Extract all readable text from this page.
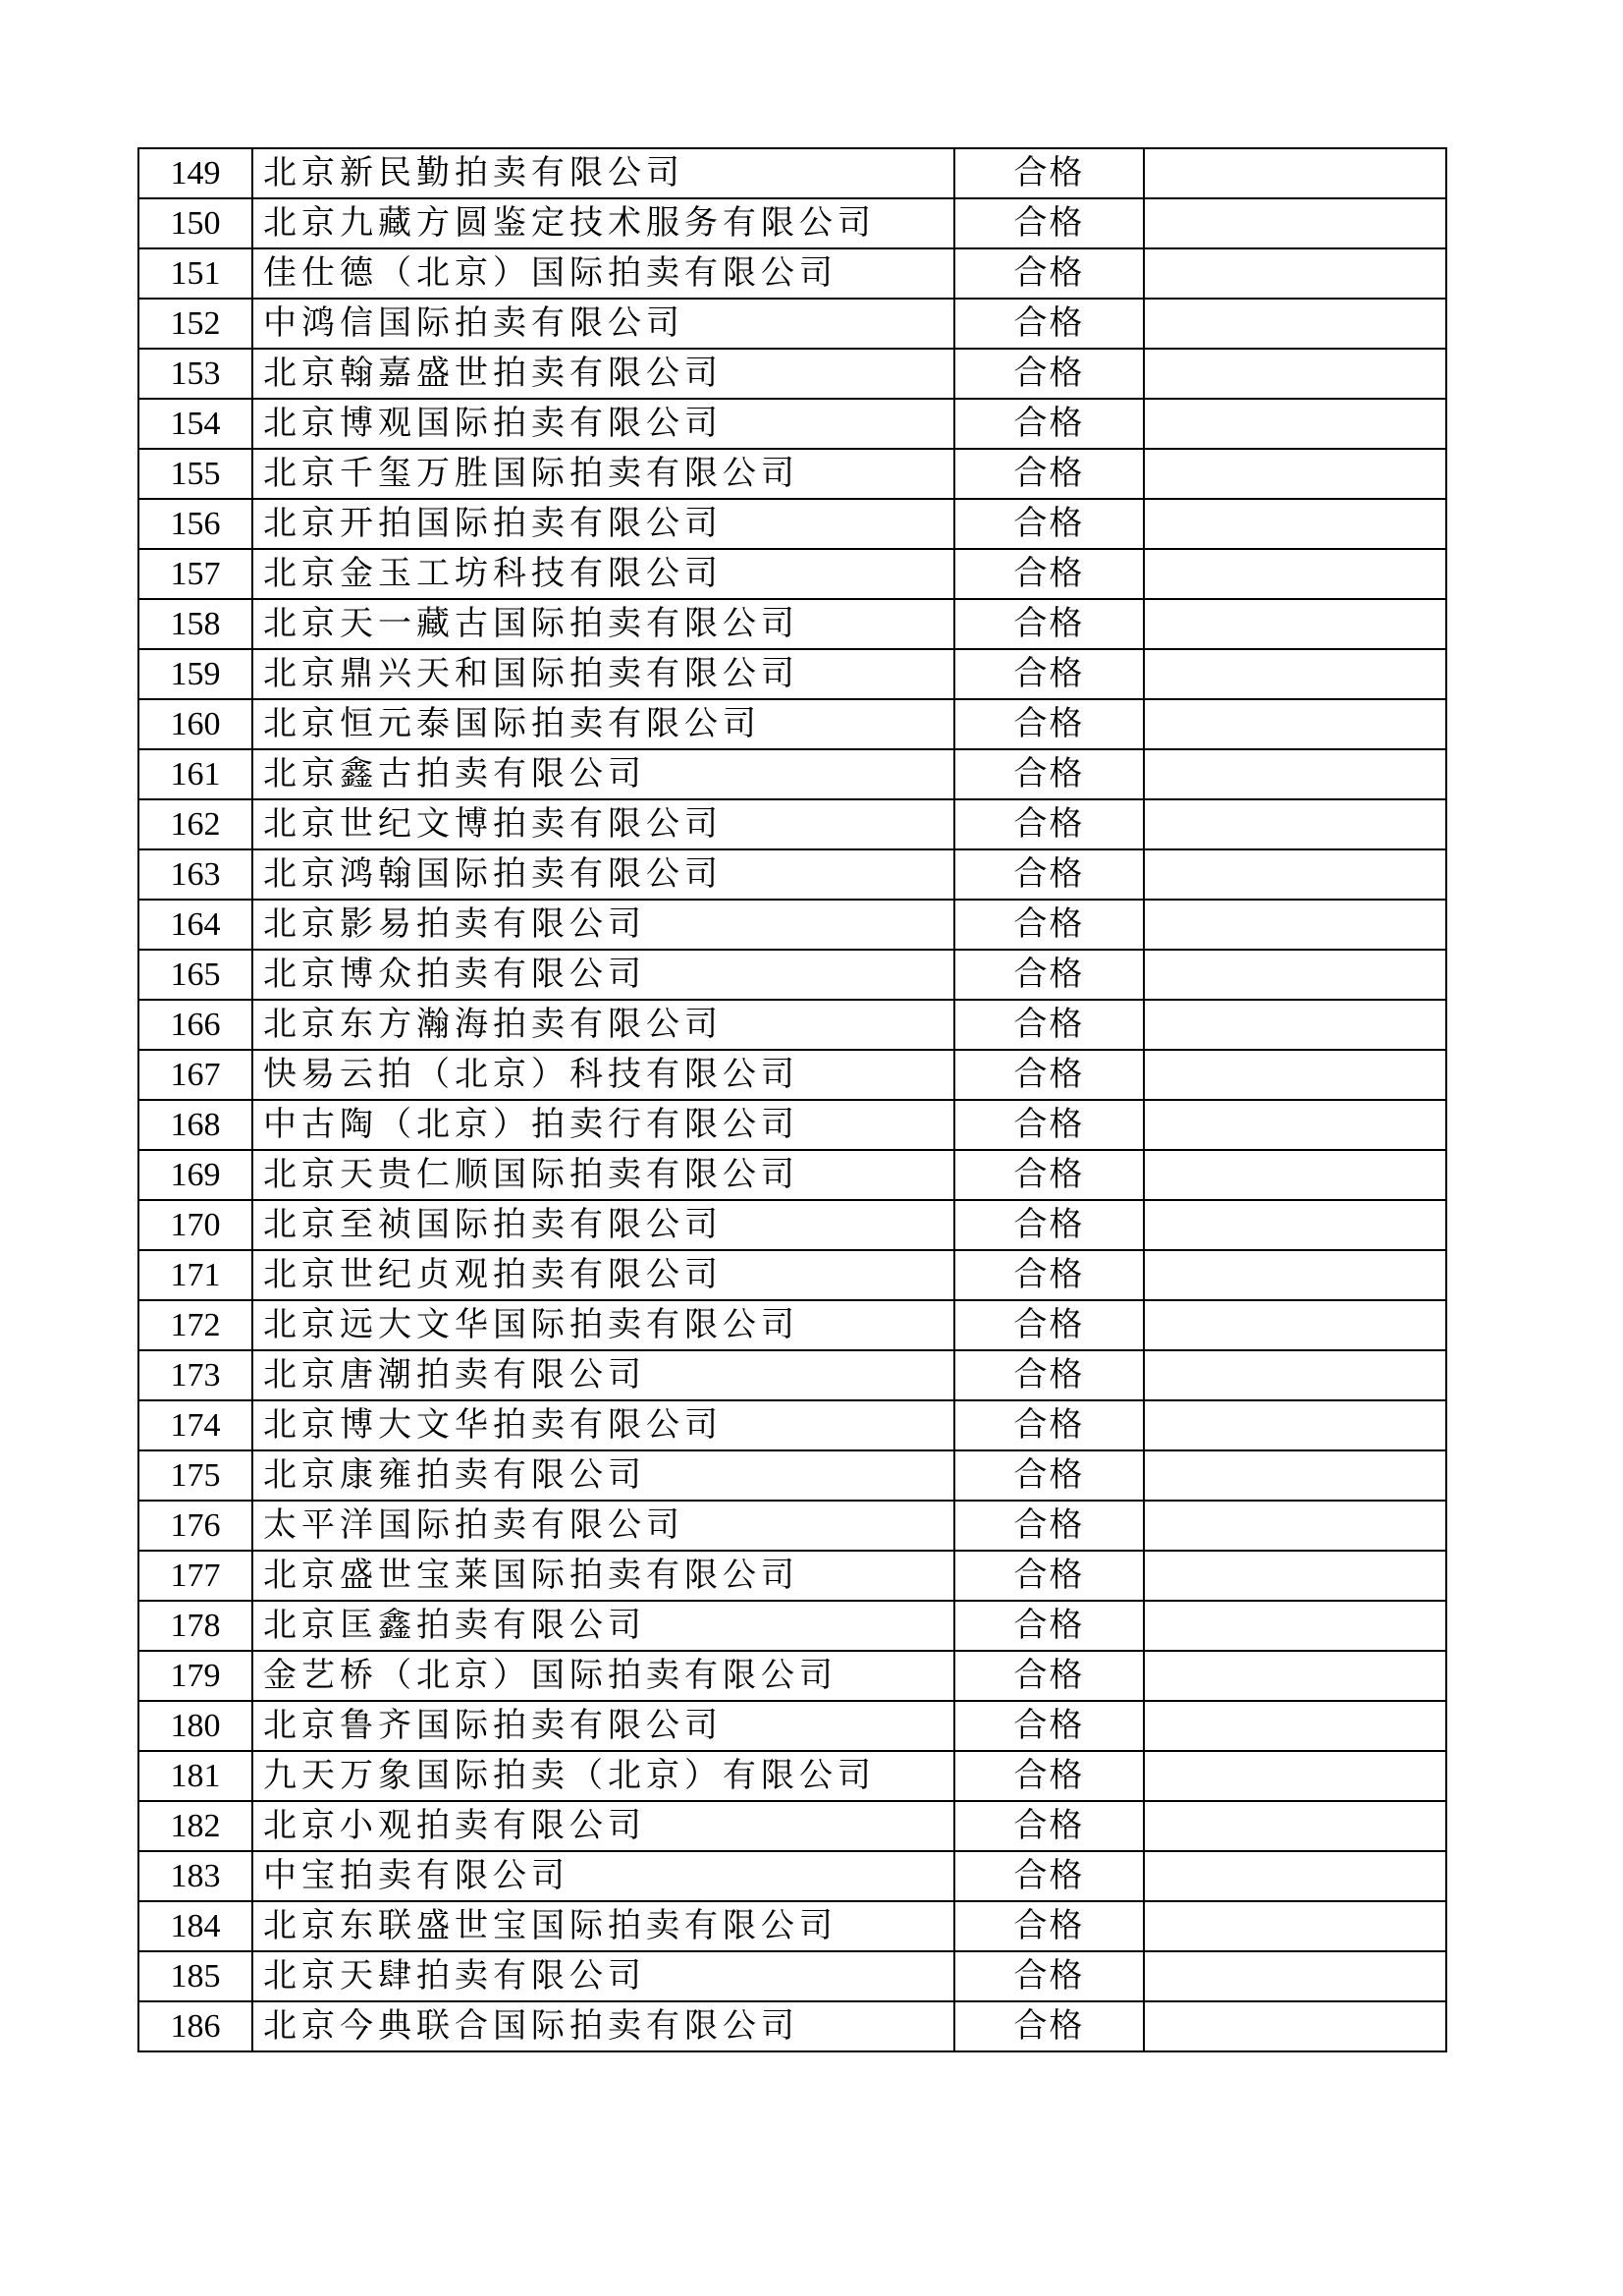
149	北京新民勤拍卖有限公司	合格	
150	北京九藏方圆鉴定技术服务有限公司	合格	
151	佳仕德（北京）国际拍卖有限公司	合格	
152	中鸿信国际拍卖有限公司	合格	
153	北京翰嘉盛世拍卖有限公司	合格	
154	北京博观国际拍卖有限公司	合格	
155	北京千玺万胜国际拍卖有限公司	合格	
156	北京开拍国际拍卖有限公司	合格	
157	北京金玉工坊科技有限公司	合格	
158	北京天一藏古国际拍卖有限公司	合格	
159	北京鼎兴天和国际拍卖有限公司	合格	
160	北京恒元泰国际拍卖有限公司	合格	
161	北京鑫古拍卖有限公司	合格	
162	北京世纪文博拍卖有限公司	合格	
163	北京鸿翰国际拍卖有限公司	合格	
164	北京影易拍卖有限公司	合格	
165	北京博众拍卖有限公司	合格	
166	北京东方瀚海拍卖有限公司	合格	
167	快易云拍（北京）科技有限公司	合格	
168	中古陶（北京）拍卖行有限公司	合格	
169	北京天贵仁顺国际拍卖有限公司	合格	
170	北京至祯国际拍卖有限公司	合格	
171	北京世纪贞观拍卖有限公司	合格	
172	北京远大文华国际拍卖有限公司	合格	
173	北京唐潮拍卖有限公司	合格	
174	北京博大文华拍卖有限公司	合格	
175	北京康雍拍卖有限公司	合格	
176	太平洋国际拍卖有限公司	合格	
177	北京盛世宝莱国际拍卖有限公司	合格	
178	北京匡鑫拍卖有限公司	合格	
179	金艺桥（北京）国际拍卖有限公司	合格	
180	北京鲁齐国际拍卖有限公司	合格	
181	九天万象国际拍卖（北京）有限公司	合格	
182	北京小观拍卖有限公司	合格	
183	中宝拍卖有限公司	合格	
184	北京东联盛世宝国际拍卖有限公司	合格	
185	北京天肆拍卖有限公司	合格	
186	北京今典联合国际拍卖有限公司	合格	
